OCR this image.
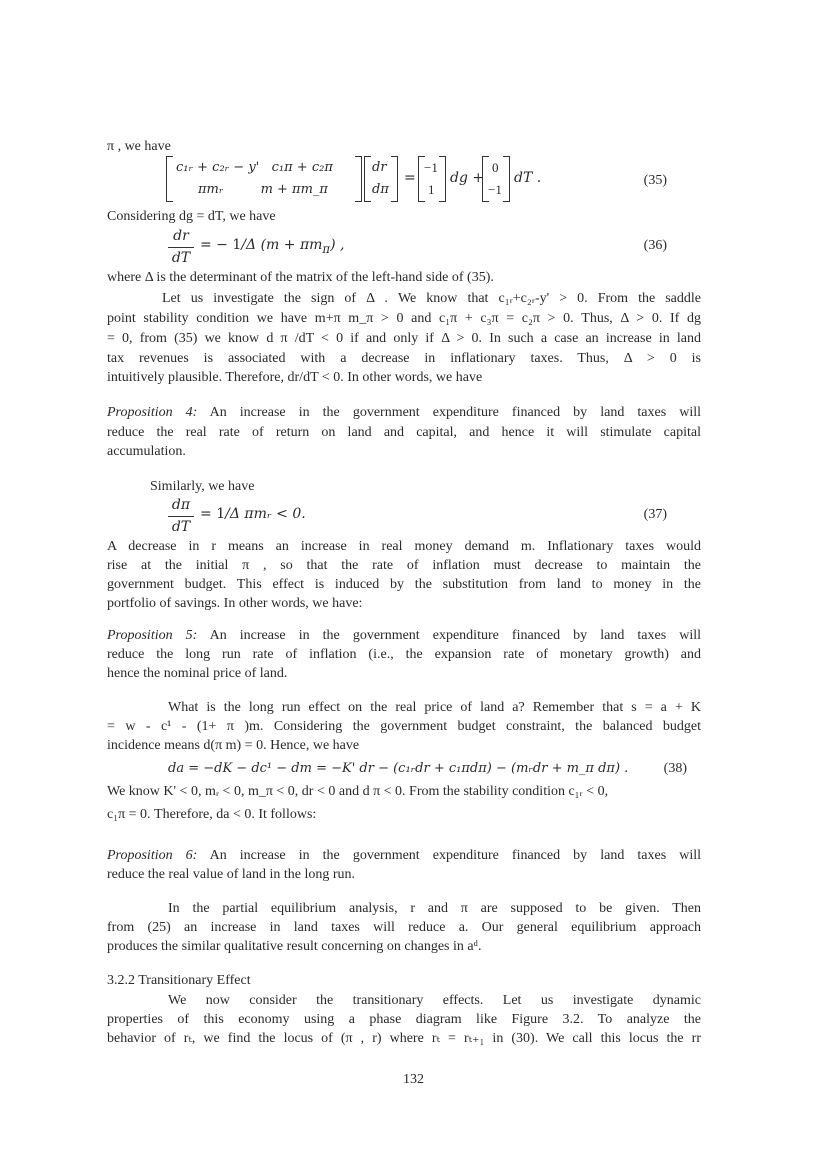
π , we have
c₁ᵣ + c₂ᵣ − y'   c₁π + c₂π
πmᵣ         m + πm_π
dr
dπ
=
−1
1
dg +
0
−1
dT .	(35)
Considering dg = dT, we have
dr
dT
= − 1/Δ $(m + \pi m_\pi)$ ,	(36)
where Δ is the determinant of the matrix of the left-hand side of (35).
Let us investigate the sign of Δ . We know that c₁ᵣ+c₂ᵣ-y' > 0. From the saddle
point stability condition we have m+π m_π > 0 and c₁π + c₃π = c₂π > 0. Thus, Δ > 0. If dg
= 0, from (35) we know d π /dT < 0 if and only if Δ > 0. In such a case an increase in land
tax revenues is associated with a decrease in inflationary taxes. Thus, Δ > 0 is
intuitively plausible. Therefore, dr/dT < 0. In other words, we have
Proposition 4: An increase in the government expenditure financed by land taxes will
reduce the real rate of return on land and capital, and hence it will stimulate capital
accumulation.
Similarly, we have
dπ
dT
= 1/Δ πmᵣ < 0.	(37)
A decrease in r means an increase in real money demand m. Inflationary taxes would
rise at the initial π , so that the rate of inflation must decrease to maintain the
government budget. This effect is induced by the substitution from land to money in the
portfolio of savings. In other words, we have:
Proposition 5: An increase in the government expenditure financed by land taxes will
reduce the long run rate of inflation (i.e., the expansion rate of monetary growth) and
hence the nominal price of land.
What is the long run effect on the real price of land a? Remember that s = a + K
= w - c¹ - (1+ π )m. Considering the government budget constraint, the balanced budget
incidence means d(π m) = 0. Hence, we have
da = −dK − dc¹ − dm = −K' dr − (c₁ᵣdr + c₁πdπ) − (mᵣdr + m_π dπ) .	(38)
We know K' < 0, mᵣ < 0, m_π < 0, dr < 0 and d π < 0. From the stability condition c₁ᵣ < 0,
c₁π = 0. Therefore, da < 0. It follows:
Proposition 6: An increase in the government expenditure financed by land taxes will
reduce the real value of land in the long run.
In the partial equilibrium analysis, r and π are supposed to be given. Then
from (25) an increase in land taxes will reduce a. Our general equilibrium approach
produces the similar qualitative result concerning on changes in aᵈ.
3.2.2 Transitionary Effect
We now consider the transitionary effects. Let us investigate dynamic
properties of this economy using a phase diagram like Figure 3.2. To analyze the
behavior of rₜ, we find the locus of (π , r) where rₜ = rₜ₊₁ in (30). We call this locus the rr
132
